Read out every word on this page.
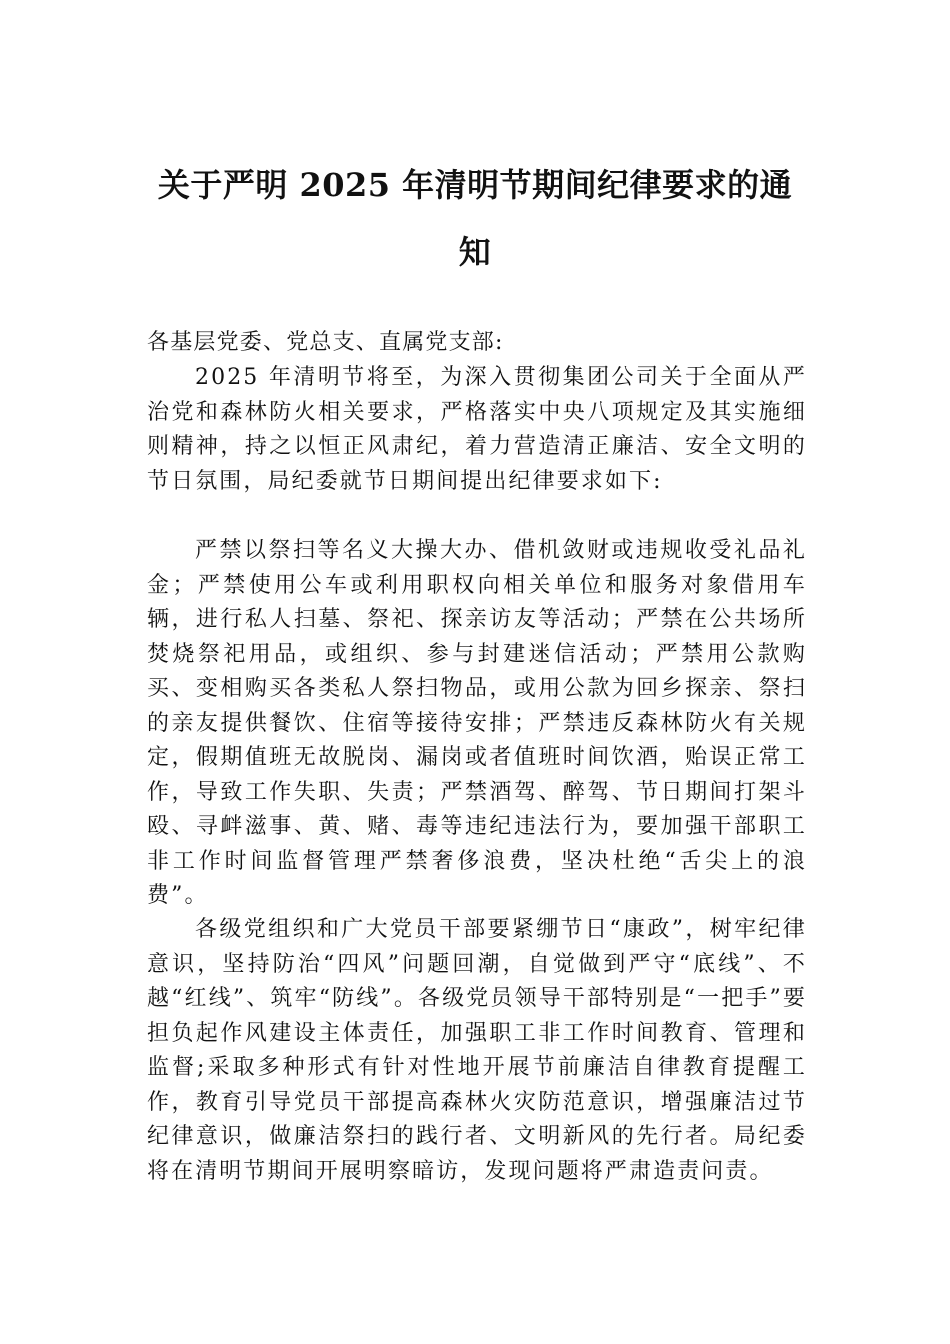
关于严明 2025 年清明节期间纪律要求的通
知

各基层党委、党总支、直属党支部:

2025 年清明节将至，为深入贯彻集团公司关于全面从严治党和森林防火相关要求，严格落实中央八项规定及其实施细则精神，持之以恒正风肃纪，着力营造清正廉洁、安全文明的节日氛围，局纪委就节日期间提出纪律要求如下:

严禁以祭扫等名义大操大办、借机敛财或违规收受礼品礼金；严禁使用公车或利用职权向相关单位和服务对象借用车辆，进行私人扫墓、祭祀、探亲访友等活动；严禁在公共场所焚烧祭祀用品，或组织、参与封建迷信活动；严禁用公款购买、变相购买各类私人祭扫物品，或用公款为回乡探亲、祭扫的亲友提供餐饮、住宿等接待安排；严禁违反森林防火有关规定，假期值班无故脱岗、漏岗或者值班时间饮酒，贻误正常工作，导致工作失职、失责；严禁酒驾、醉驾、节日期间打架斗殴、寻衅滋事、黄、赌、毒等违纪违法行为，要加强干部职工非工作时间监督管理严禁奢侈浪费，坚决杜绝“舌尖上的浪费”。

各级党组织和广大党员干部要紧绷节日“康政”，树牢纪律意识，坚持防治“四风”问题回潮，自觉做到严守“底线”、不越“红线”、筑牢“防线”。各级党员领导干部特别是“一把手”要担负起作风建设主体责任，加强职工非工作时间教育、管理和监督;采取多种形式有针对性地开展节前廉洁自律教育提醒工作，教育引导党员干部提高森林火灾防范意识，增强廉洁过节纪律意识，做廉洁祭扫的践行者、文明新风的先行者。局纪委将在清明节期间开展明察暗访，发现问题将严肃造责问责。
